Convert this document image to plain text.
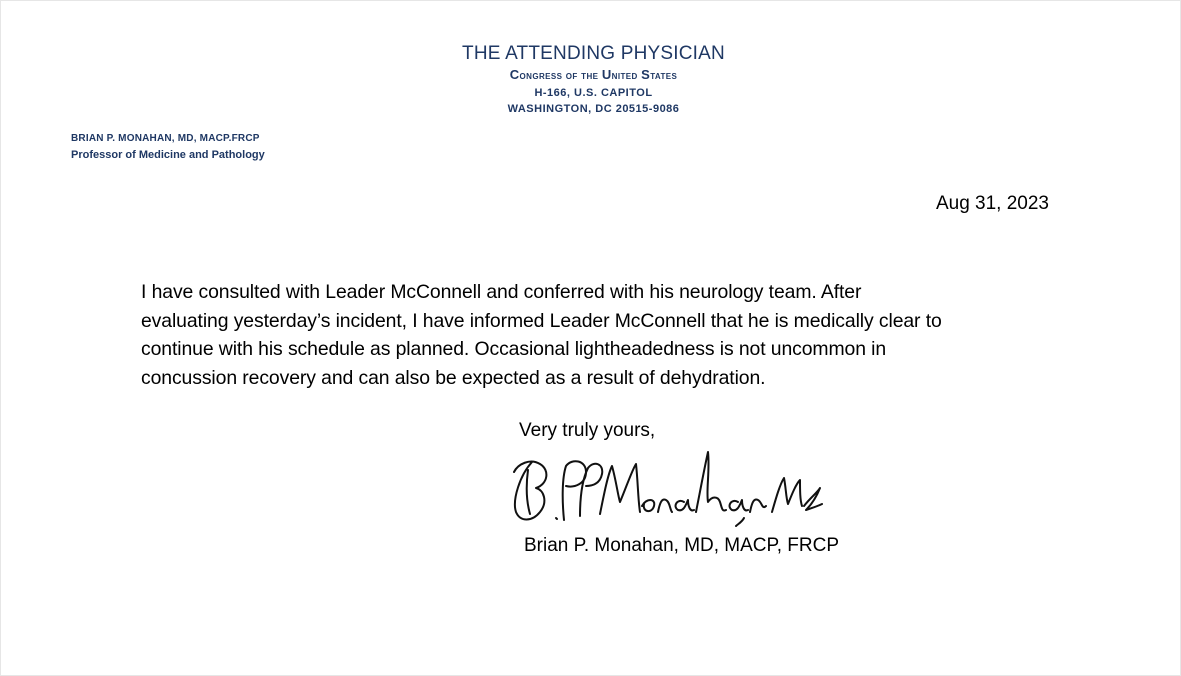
THE ATTENDING PHYSICIAN
Congress of the United States
H-166, U.S. CAPITOL
WASHINGTON, DC 20515-9086
BRIAN P. MONAHAN, MD, MACP.FRCP
Professor of Medicine and Pathology
Aug 31, 2023
I have consulted with Leader McConnell and conferred with his neurology team. After
evaluating yesterday’s incident, I have informed Leader McConnell that he is medically clear to
continue with his schedule as planned. Occasional lightheadedness is not uncommon in
concussion recovery and can also be expected as a result of dehydration.
Very truly yours,
Brian P. Monahan, MD, MACP, FRCP
